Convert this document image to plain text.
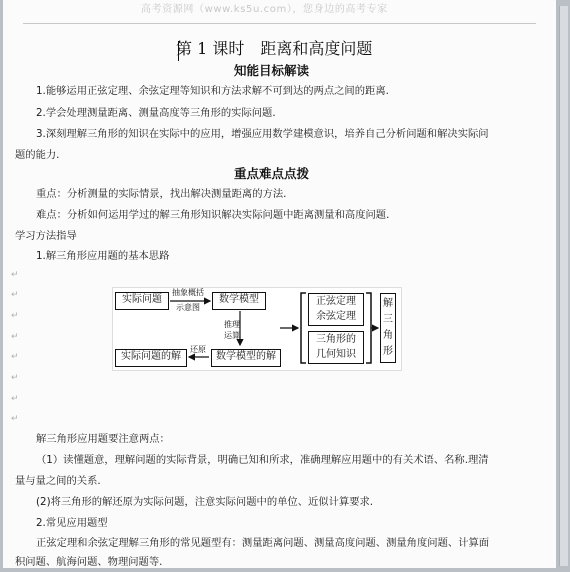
高考资源网（www.ks5u.com），您身边的高考专家
第 1 课时　距离和高度问题
知能目标解读
1.能够运用正弦定理、余弦定理等知识和方法求解不可到达的两点之间的距离.
2.学会处理测量距离、测量高度等三角形的实际问题.
3.深刻理解三角形的知识在实际中的应用，增强应用数学建模意识，培养自己分析问题和解决实际问
题的能力.
重点难点点拨
重点：分析测量的实际情景，找出解决测量距离的方法.
难点：分析如何运用学过的解三角形知识解决实际问题中距离测量和高度问题.
学习方法指导
1.解三角形应用题的基本思路
↵
↵
↵
↵
↵
↵
↵
↵
实际问题
抽象概括
示意图
数学模型
推理
运算
还原
实际问题的解	数学模型的解
正弦定理
余弦定理
三角形的
几何知识
解
三
角
形
解三角形应用题要注意两点：
（1）读懂题意，理解问题的实际背景，明确已知和所求，准确理解应用题中的有关术语、名称.理清
量与量之间的关系.
(2)将三角形的解还原为实际问题，注意实际问题中的单位、近似计算要求.
2.常见应用题型
正弦定理和余弦定理解三角形的常见题型有：测量距离问题、测量高度问题、测量角度问题、计算面
积问题、航海问题、物理问题等.
